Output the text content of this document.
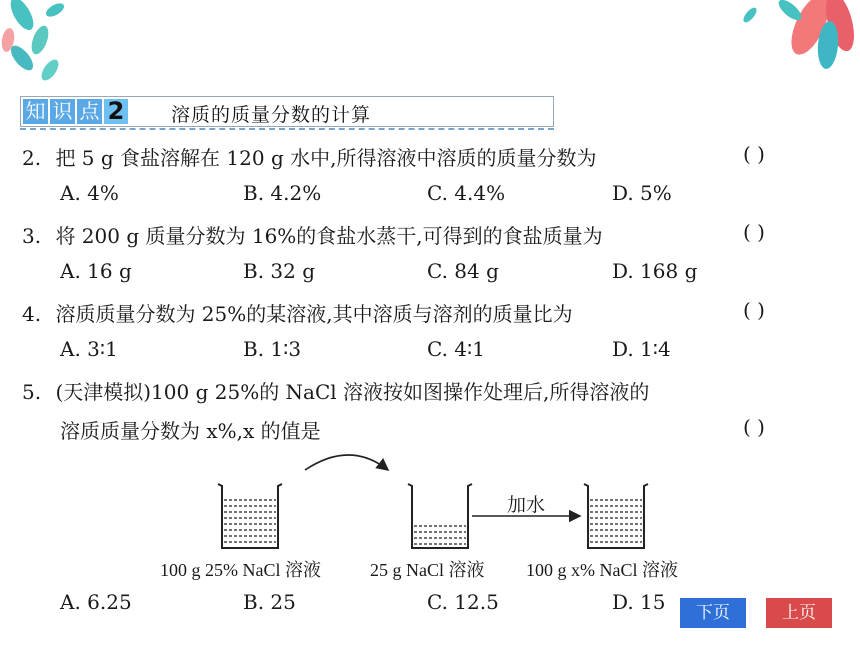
知 识 点 2 溶质的质量分数的计算
2. 把 5 g 食盐溶解在 120 g 水中,所得溶液中溶质的质量分数为	( )
A. 4%	B. 4.2%	C. 4.4%	D. 5%
3. 将 200 g 质量分数为 16%的食盐水蒸干,可得到的食盐质量为	( )
A. 16 g	B. 32 g	C. 84 g	D. 168 g
4. 溶质质量分数为 25%的某溶液,其中溶质与溶剂的质量比为	( )
A. 3∶1	B. 1∶3	C. 4∶1	D. 1∶4
5. (天津模拟)100 g 25%的 NaCl 溶液按如图操作处理后,所得溶液的
溶质质量分数为 x%,x 的值是	( )
加水
100 g 25% NaCl 溶液	25 g NaCl 溶液 100 g x% NaCl 溶液
A. 6.25	B. 25	C. 12.5	D. 15	下页	上页
